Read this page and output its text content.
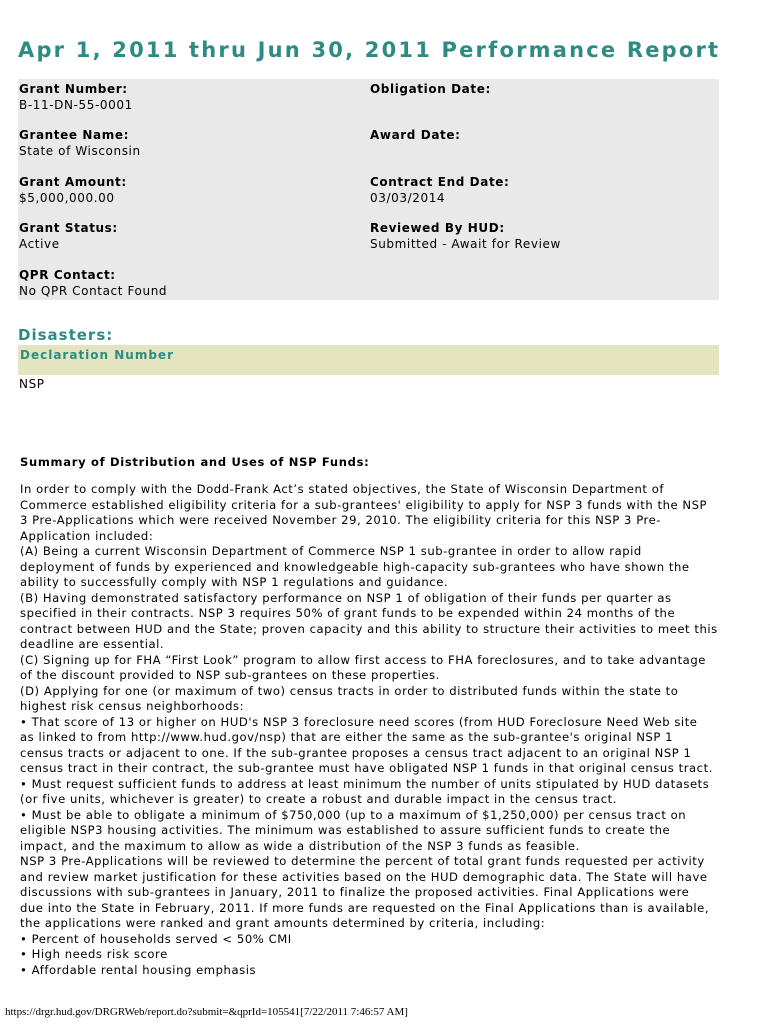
Apr 1, 2011 thru Jun 30, 2011 Performance Report
Grant Number:
B-11-DN-55-0001
Obligation Date:
Grantee Name:
State of Wisconsin
Award Date:
Grant Amount:
$5,000,000.00
Contract End Date:
03/03/2014
Grant Status:
Active
Reviewed By HUD:
Submitted - Await for Review
QPR Contact:
No QPR Contact Found
Disasters:
Declaration Number
NSP
Summary of Distribution and Uses of NSP Funds:
In order to comply with the Dodd-Frank Act’s stated objectives, the State of Wisconsin Department of
Commerce established eligibility criteria for a sub-grantees' eligibility to apply for NSP 3 funds with the NSP
3 Pre-Applications which were received November 29, 2010. The eligibility criteria for this NSP 3 Pre-
Application included:
(A) Being a current Wisconsin Department of Commerce NSP 1 sub-grantee in order to allow rapid
deployment of funds by experienced and knowledgeable high-capacity sub-grantees who have shown the
ability to successfully comply with NSP 1 regulations and guidance.
(B) Having demonstrated satisfactory performance on NSP 1 of obligation of their funds per quarter as
specified in their contracts. NSP 3 requires 50% of grant funds to be expended within 24 months of the
contract between HUD and the State; proven capacity and this ability to structure their activities to meet this
deadline are essential.
(C) Signing up for FHA “First Look” program to allow first access to FHA foreclosures, and to take advantage
of the discount provided to NSP sub-grantees on these properties.
(D) Applying for one (or maximum of two) census tracts in order to distributed funds within the state to
highest risk census neighborhoods:
• That score of 13 or higher on HUD's NSP 3 foreclosure need scores (from HUD Foreclosure Need Web site
as linked to from http://www.hud.gov/nsp) that are either the same as the sub-grantee's original NSP 1
census tracts or adjacent to one. If the sub-grantee proposes a census tract adjacent to an original NSP 1
census tract in their contract, the sub-grantee must have obligated NSP 1 funds in that original census tract.
• Must request sufficient funds to address at least minimum the number of units stipulated by HUD datasets
(or five units, whichever is greater) to create a robust and durable impact in the census tract.
• Must be able to obligate a minimum of $750,000 (up to a maximum of $1,250,000) per census tract on
eligible NSP3 housing activities. The minimum was established to assure sufficient funds to create the
impact, and the maximum to allow as wide a distribution of the NSP 3 funds as feasible.
NSP 3 Pre-Applications will be reviewed to determine the percent of total grant funds requested per activity
and review market justification for these activities based on the HUD demographic data. The State will have
discussions with sub-grantees in January, 2011 to finalize the proposed activities. Final Applications were
due into the State in February, 2011. If more funds are requested on the Final Applications than is available,
the applications were ranked and grant amounts determined by criteria, including:
• Percent of households served < 50% CMI
• High needs risk score
• Affordable rental housing emphasis
https://drgr.hud.gov/DRGRWeb/report.do?submit=&qprId=105541[7/22/2011 7:46:57 AM]
